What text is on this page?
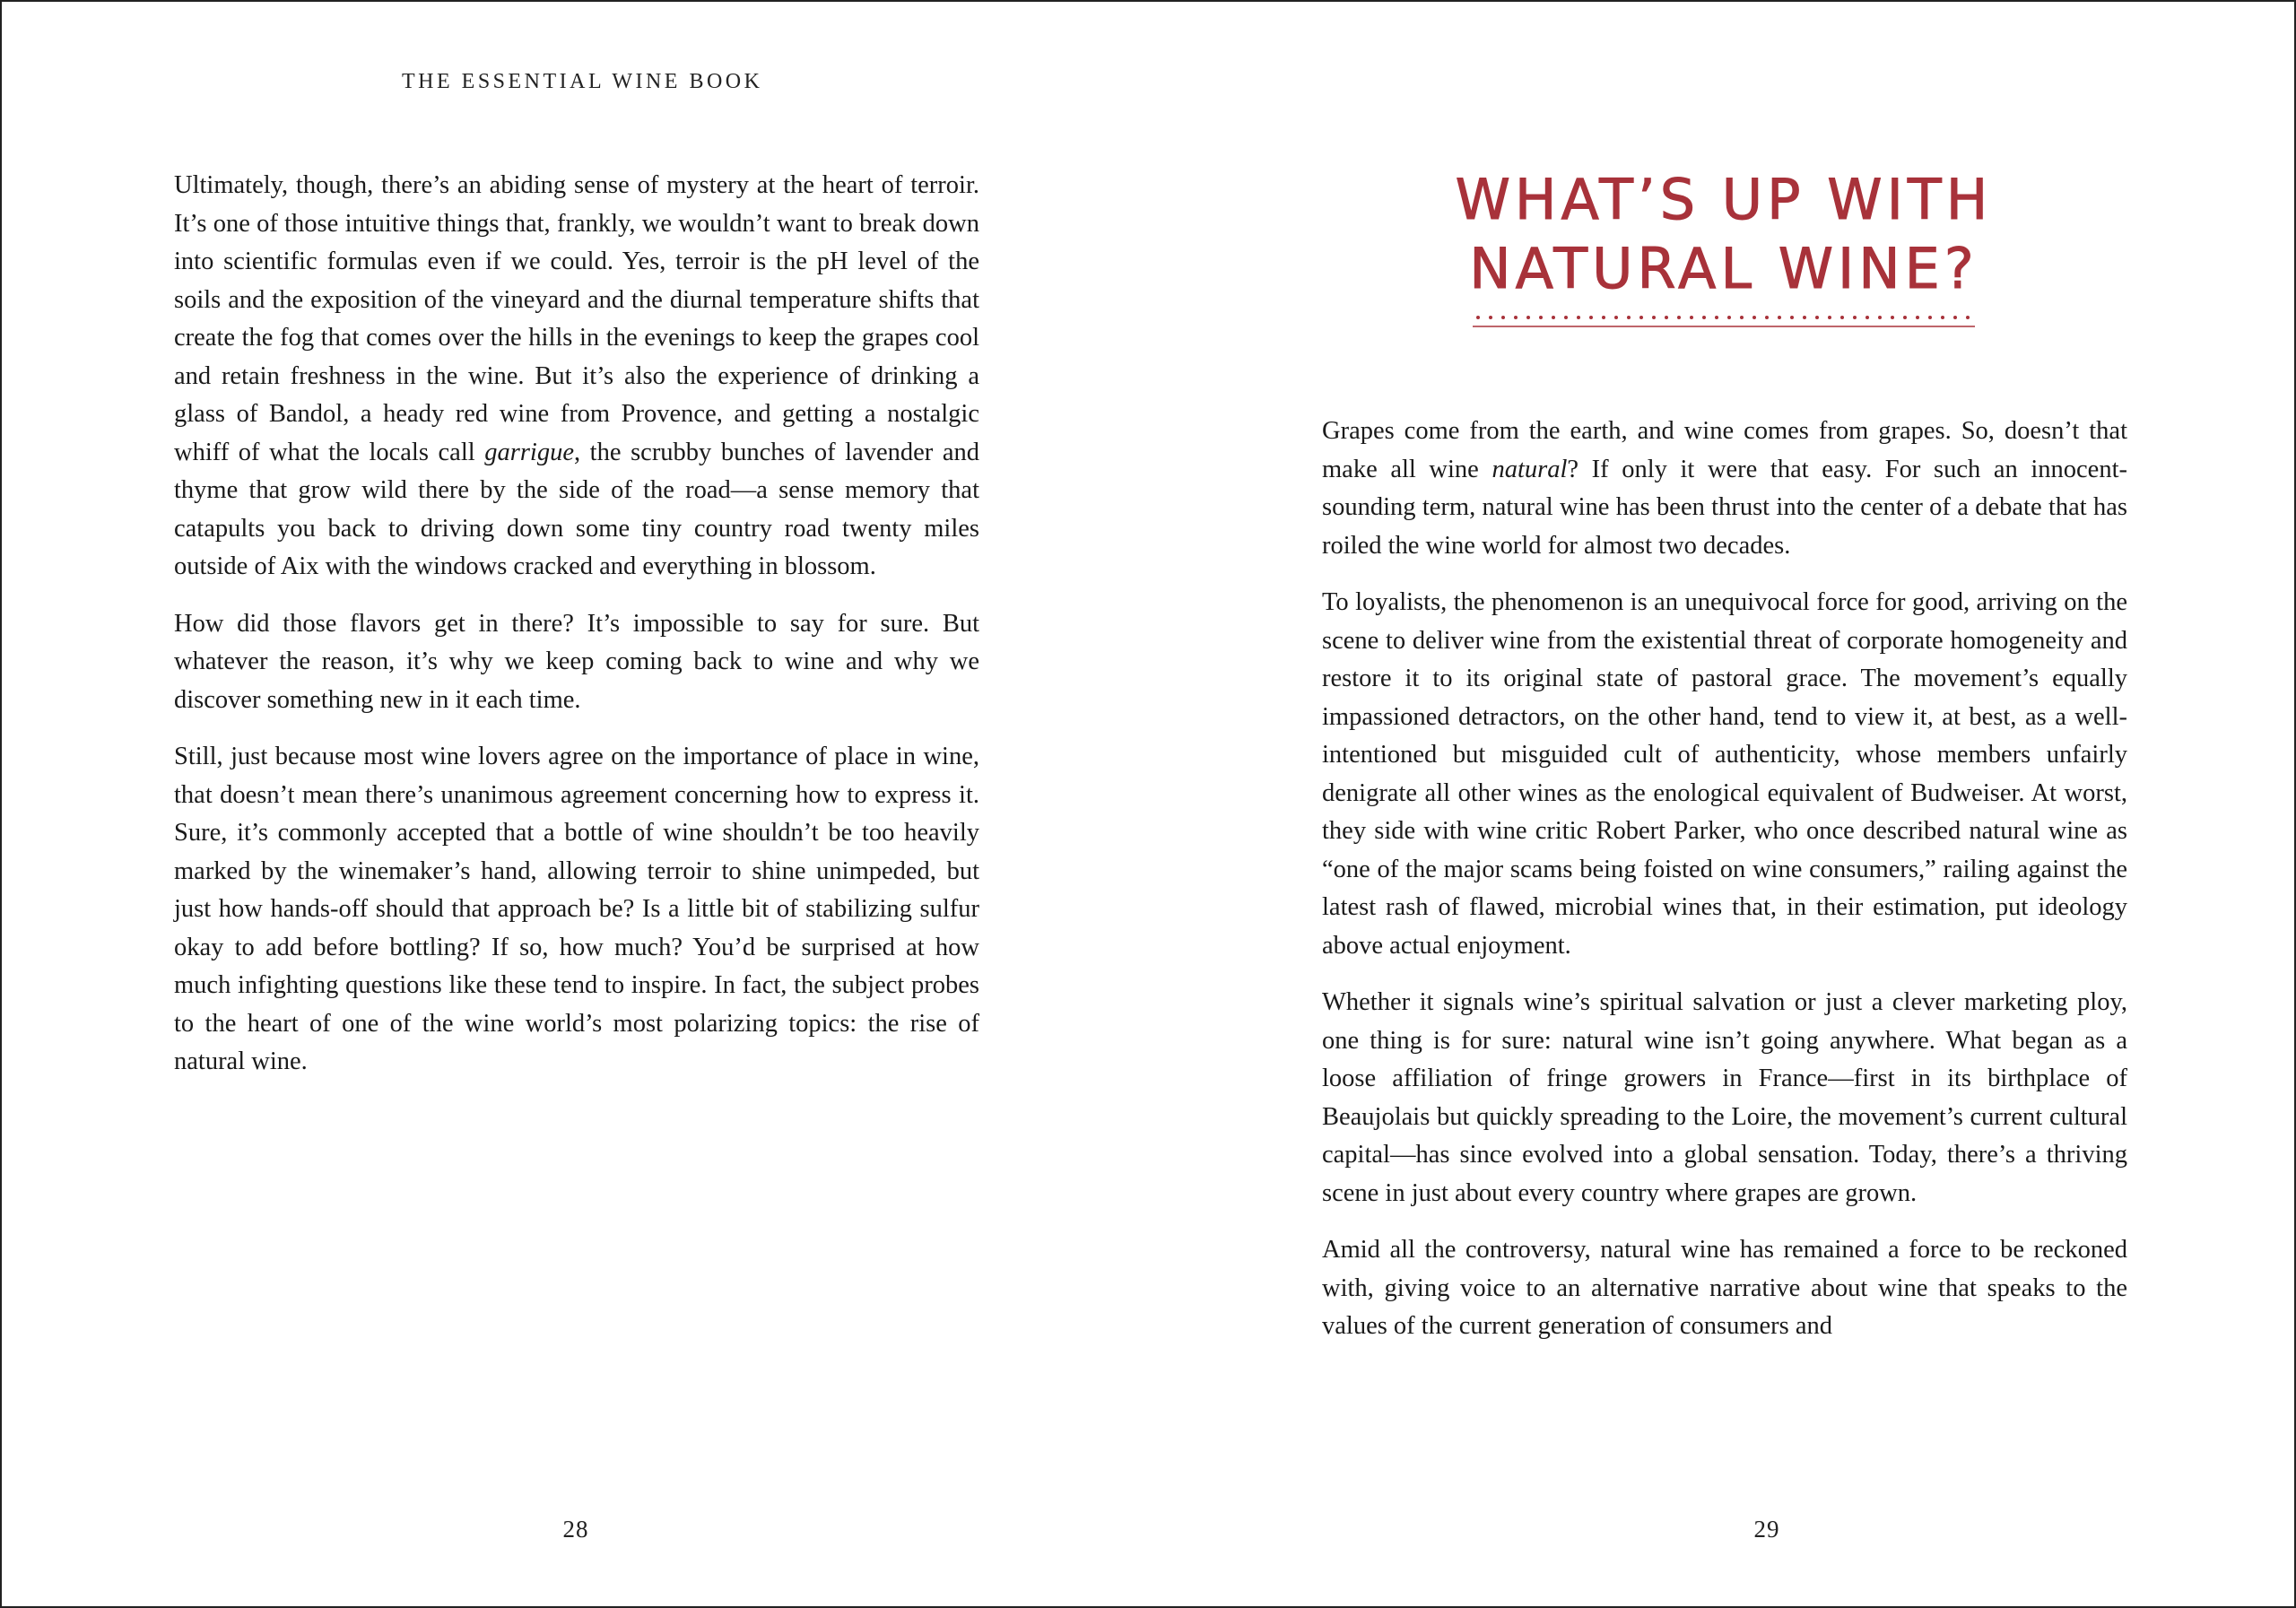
THE ESSENTIAL WINE BOOK

Ultimately, though, there’s an abiding sense of mystery at the heart of terroir. It’s one of those intuitive things that, frankly, we wouldn’t want to break down into scientific formulas even if we could. Yes, terroir is the pH level of the soils and the exposition of the vineyard and the diurnal temperature shifts that create the fog that comes over the hills in the evenings to keep the grapes cool and retain freshness in the wine. But it’s also the experience of drinking a glass of Bandol, a heady red wine from Provence, and getting a nostalgic whiff of what the locals call garrigue, the scrubby bunches of lavender and thyme that grow wild there by the side of the road—a sense memory that catapults you back to driving down some tiny country road twenty miles outside of Aix with the windows cracked and everything in blossom.

How did those flavors get in there? It’s impossible to say for sure. But whatever the reason, it’s why we keep coming back to wine and why we discover something new in it each time.

Still, just because most wine lovers agree on the importance of place in wine, that doesn’t mean there’s unanimous agreement concerning how to express it. Sure, it’s commonly accepted that a bottle of wine shouldn’t be too heavily marked by the winemaker’s hand, allowing terroir to shine unimpeded, but just how hands-off should that approach be? Is a little bit of stabilizing sulfur okay to add before bottling? If so, how much? You’d be surprised at how much infighting questions like these tend to inspire. In fact, the subject probes to the heart of one of the wine world’s most polarizing topics: the rise of natural wine.

28
WHAT’S UP WITH
NATURAL WINE?

Grapes come from the earth, and wine comes from grapes. So, doesn’t that make all wine natural? If only it were that easy. For such an innocent-sounding term, natural wine has been thrust into the center of a debate that has roiled the wine world for almost two decades.

To loyalists, the phenomenon is an unequivocal force for good, arriving on the scene to deliver wine from the existential threat of corporate homogeneity and restore it to its original state of pastoral grace. The movement’s equally impassioned detractors, on the other hand, tend to view it, at best, as a well-intentioned but misguided cult of authenticity, whose members unfairly denigrate all other wines as the enological equivalent of Budweiser. At worst, they side with wine critic Robert Parker, who once described natural wine as “one of the major scams being foisted on wine consumers,” railing against the latest rash of flawed, microbial wines that, in their estimation, put ideology above actual enjoyment.

Whether it signals wine’s spiritual salvation or just a clever marketing ploy, one thing is for sure: natural wine isn’t going anywhere. What began as a loose affiliation of fringe growers in France—first in its birthplace of Beaujolais but quickly spreading to the Loire, the movement’s current cultural capital—has since evolved into a global sensation. Today, there’s a thriving scene in just about every country where grapes are grown.

Amid all the controversy, natural wine has remained a force to be reckoned with, giving voice to an alternative narrative about wine that speaks to the values of the current generation of consumers and

29
